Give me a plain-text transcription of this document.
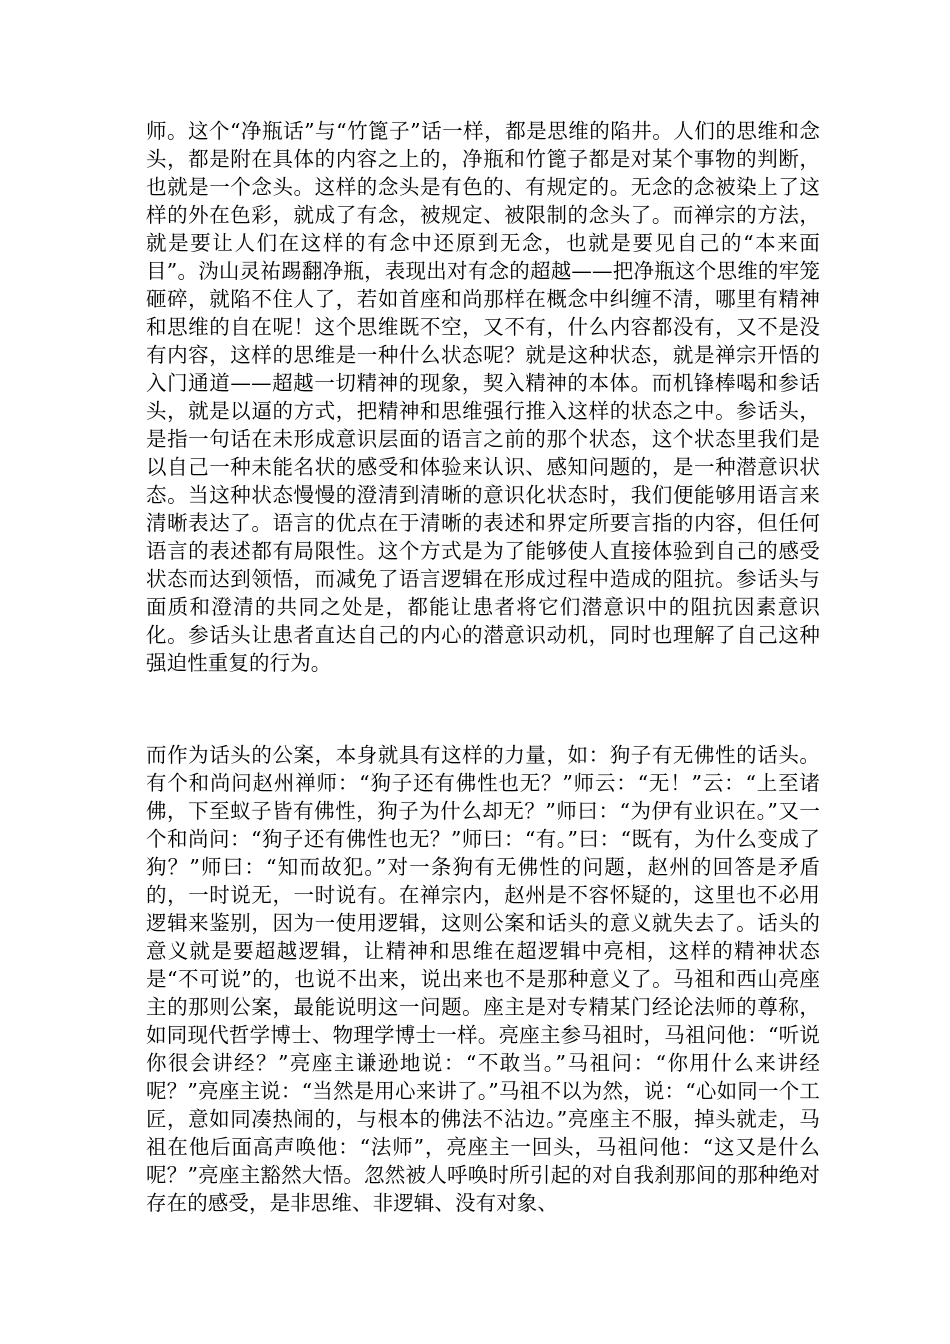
师。这个“净瓶话”与“竹篦子”话一样，都是思维的陷井。人们的思维和念头，都是附在具体的内容之上的，净瓶和竹篦子都是对某个事物的判断，也就是一个念头。这样的念头是有色的、有规定的。无念的念被染上了这样的外在色彩，就成了有念，被规定、被限制的念头了。而禅宗的方法，就是要让人们在这样的有念中还原到无念，也就是要见自己的“本来面目”。沩山灵祐踢翻净瓶，表现出对有念的超越——把净瓶这个思维的牢笼砸碎，就陷不住人了，若如首座和尚那样在概念中纠缠不清，哪里有精神和思维的自在呢！这个思维既不空，又不有，什么内容都没有，又不是没有内容，这样的思维是一种什么状态呢？就是这种状态，就是禅宗开悟的入门通道——超越一切精神的现象，契入精神的本体。而机锋棒喝和参话头，就是以逼的方式，把精神和思维强行推入这样的状态之中。参话头，是指一句话在未形成意识层面的语言之前的那个状态，这个状态里我们是以自己一种未能名状的感受和体验来认识、感知问题的，是一种潜意识状态。当这种状态慢慢的澄清到清晰的意识化状态时，我们便能够用语言来清晰表达了。语言的优点在于清晰的表述和界定所要言指的内容，但任何语言的表述都有局限性。这个方式是为了能够使人直接体验到自己的感受状态而达到领悟，而减免了语言逻辑在形成过程中造成的阻抗。参话头与面质和澄清的共同之处是，都能让患者将它们潜意识中的阻抗因素意识化。参话头让患者直达自己的内心的潜意识动机，同时也理解了自己这种强迫性重复的行为。

而作为话头的公案，本身就具有这样的力量，如：狗子有无佛性的话头。有个和尚问赵州禅师：“狗子还有佛性也无？”师云：“无！”云：“上至诸佛，下至蚁子皆有佛性，狗子为什么却无？”师曰：“为伊有业识在。”又一个和尚问：“狗子还有佛性也无？”师曰：“有。”曰：“既有，为什么变成了狗？”师曰：“知而故犯。”对一条狗有无佛性的问题，赵州的回答是矛盾的，一时说无，一时说有。在禅宗内，赵州是不容怀疑的，这里也不必用逻辑来鉴别，因为一使用逻辑，这则公案和话头的意义就失去了。话头的意义就是要超越逻辑，让精神和思维在超逻辑中亮相，这样的精神状态是“不可说”的，也说不出来，说出来也不是那种意义了。马祖和西山亮座主的那则公案，最能说明这一问题。座主是对专精某门经论法师的尊称，如同现代哲学博士、物理学博士一样。亮座主参马祖时，马祖问他：“听说你很会讲经？”亮座主谦逊地说：“不敢当。”马祖问：“你用什么来讲经呢？”亮座主说：“当然是用心来讲了。”马祖不以为然，说：“心如同一个工匠，意如同凑热闹的，与根本的佛法不沾边。”亮座主不服，掉头就走，马祖在他后面高声唤他：“法师”，亮座主一回头，马祖问他：“这又是什么呢？”亮座主豁然大悟。忽然被人呼唤时所引起的对自我刹那间的那种绝对存在的感受，是非思维、非逻辑、没有对象、
